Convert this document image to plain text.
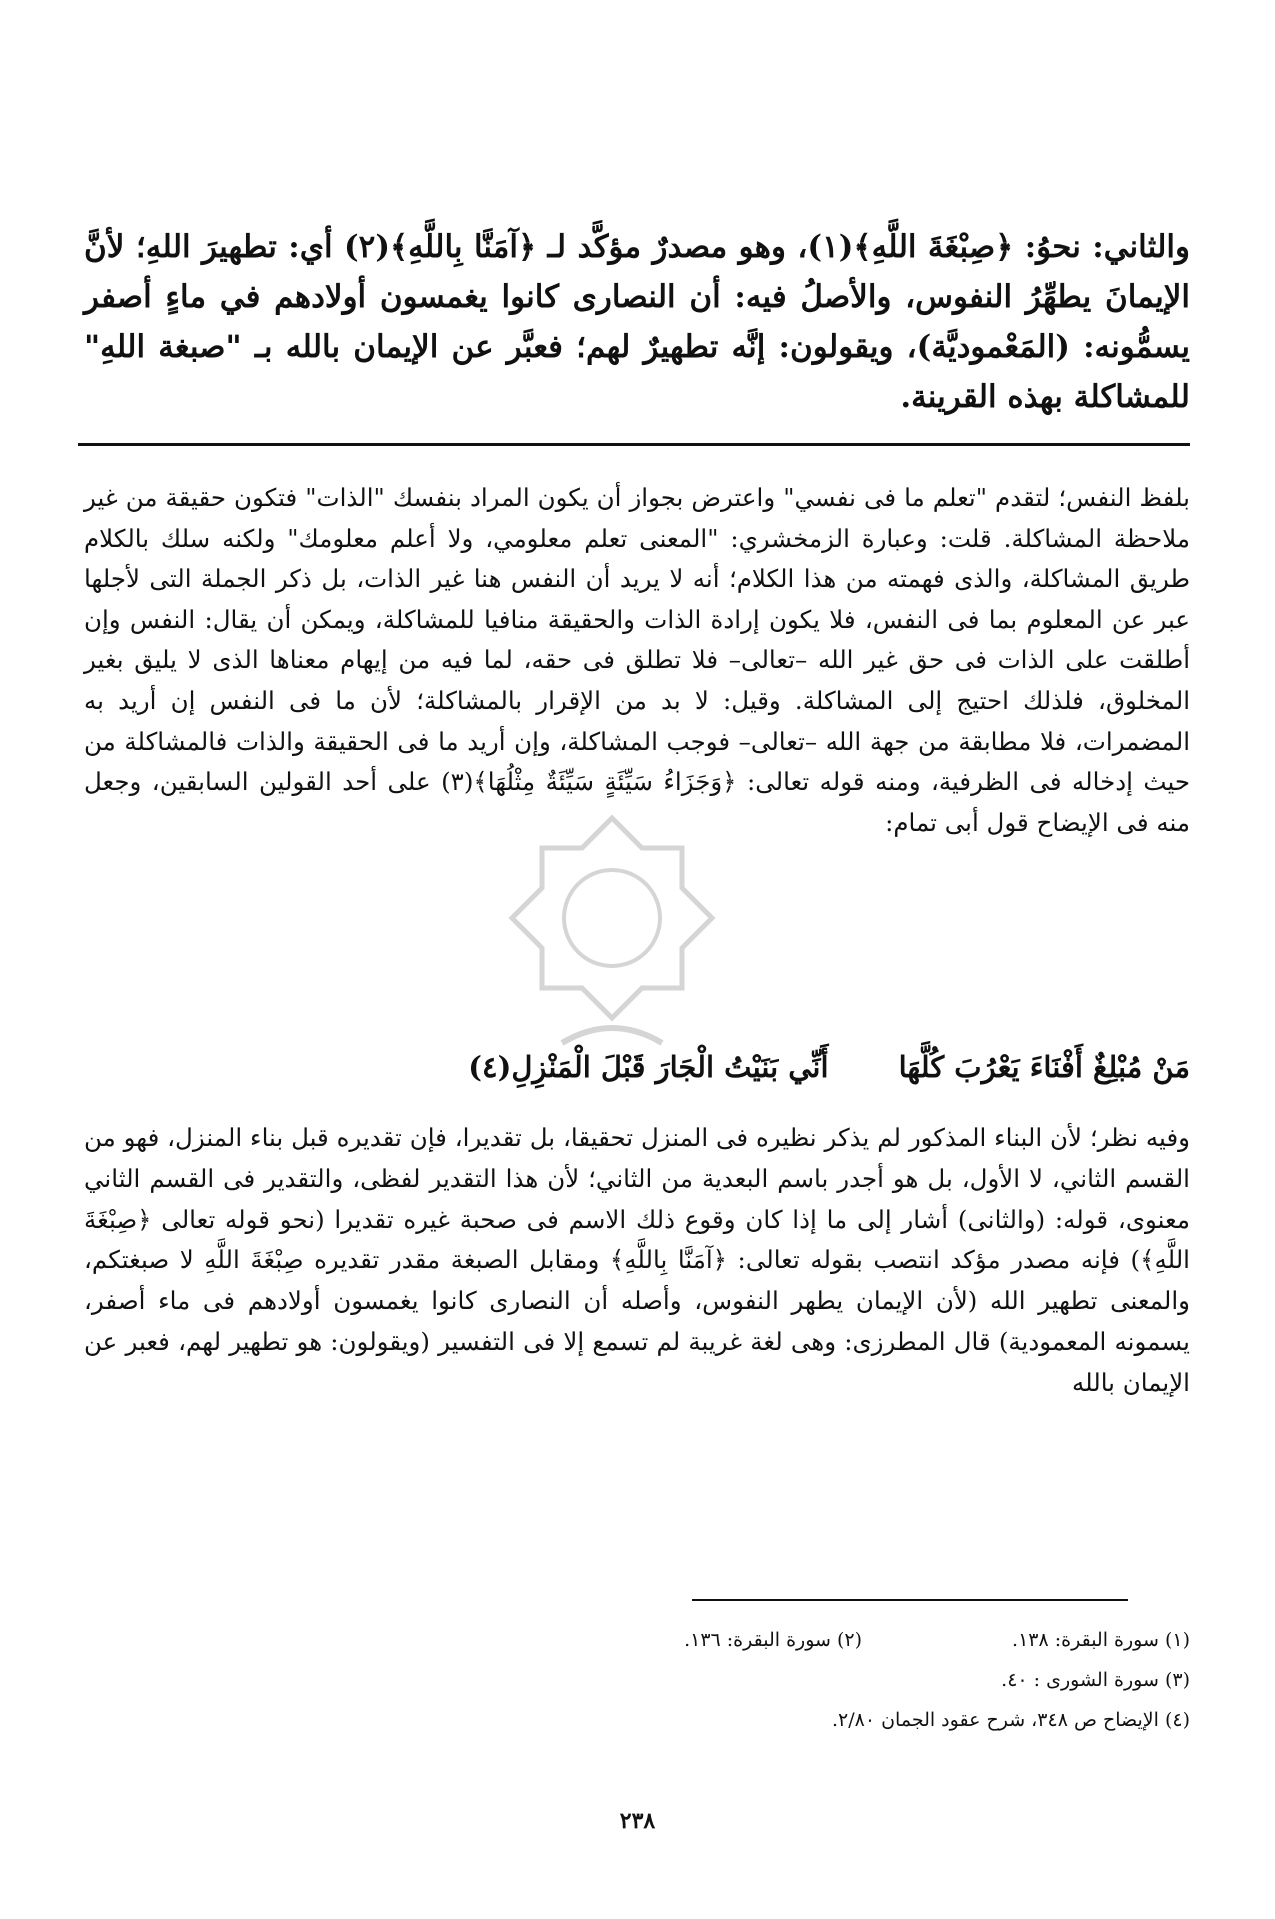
والثاني: نحوُ: ﴿صِبْغَةَ اللَّهِ﴾(١)، وهو مصدرٌ مؤكَّد لـ ﴿آمَنَّا بِاللَّهِ﴾(٢) أي: تطهيرَ اللهِ؛ لأنَّ الإيمانَ يطهِّرُ النفوس، والأصلُ فيه: أن النصارى كانوا يغمسون أولادهم في ماءٍ أصفر يسمُّونه: (المَعْموديَّة)، ويقولون: إنَّه تطهيرٌ لهم؛ فعبَّر عن الإيمان بالله بـ "صبغة اللهِ" للمشاكلة بهذه القرينة.

بلفظ النفس؛ لتقدم "تعلم ما فى نفسي" واعترض بجواز أن يكون المراد بنفسك "الذات" فتكون حقيقة من غير ملاحظة المشاكلة. قلت: وعبارة الزمخشري: "المعنى تعلم معلومي، ولا أعلم معلومك" ولكنه سلك بالكلام طريق المشاكلة، والذى فهمته من هذا الكلام؛ أنه لا يريد أن النفس هنا غير الذات، بل ذكر الجملة التى لأجلها عبر عن المعلوم بما فى النفس، فلا يكون إرادة الذات والحقيقة منافيا للمشاكلة، ويمكن أن يقال: النفس وإن أطلقت على الذات فى حق غير الله –تعالى– فلا تطلق فى حقه، لما فيه من إيهام معناها الذى لا يليق بغير المخلوق، فلذلك احتيج إلى المشاكلة. وقيل: لا بد من الإقرار بالمشاكلة؛ لأن ما فى النفس إن أريد به المضمرات، فلا مطابقة من جهة الله –تعالى– فوجب المشاكلة، وإن أريد ما فى الحقيقة والذات فالمشاكلة من حيث إدخاله فى الظرفية، ومنه قوله تعالى: ﴿وَجَزَاءُ سَيِّئَةٍ سَيِّئَةٌ مِثْلُهَا﴾(٣) على أحد القولين السابقين، وجعل منه فى الإيضاح قول أبى تمام:

مَنْ مُبْلِغٌ أَفْنَاءَ يَعْرُبَ كُلَّهَا
أَنِّي بَنَيْتُ الْجَارَ قَبْلَ الْمَنْزِلِ(٤)

وفيه نظر؛ لأن البناء المذكور لم يذكر نظيره فى المنزل تحقيقا، بل تقديرا، فإن تقديره قبل بناء المنزل، فهو من القسم الثاني، لا الأول، بل هو أجدر باسم البعدية من الثاني؛ لأن هذا التقدير لفظى، والتقدير فى القسم الثاني معنوى، قوله: (والثانى) أشار إلى ما إذا كان وقوع ذلك الاسم فى صحبة غيره تقديرا (نحو قوله تعالى ﴿صِبْغَةَ اللَّهِ﴾) فإنه مصدر مؤكد انتصب بقوله تعالى: ﴿آمَنَّا بِاللَّهِ﴾ ومقابل الصبغة مقدر تقديره صِبْغَةَ اللَّهِ لا صبغتكم، والمعنى تطهير الله (لأن الإيمان يطهر النفوس، وأصله أن النصارى كانوا يغمسون أولادهم فى ماء أصفر، يسمونه المعمودية) قال المطرزى: وهى لغة غريبة لم تسمع إلا فى التفسير (ويقولون: هو تطهير لهم، فعبر عن الإيمان بالله

(١) سورة البقرة: ١٣٨.
(٢) سورة البقرة: ١٣٦.
(٣) سورة الشورى : ٤٠.
(٤) الإيضاح ص ٣٤٨، شرح عقود الجمان ٢/٨٠.
٢٣٨
